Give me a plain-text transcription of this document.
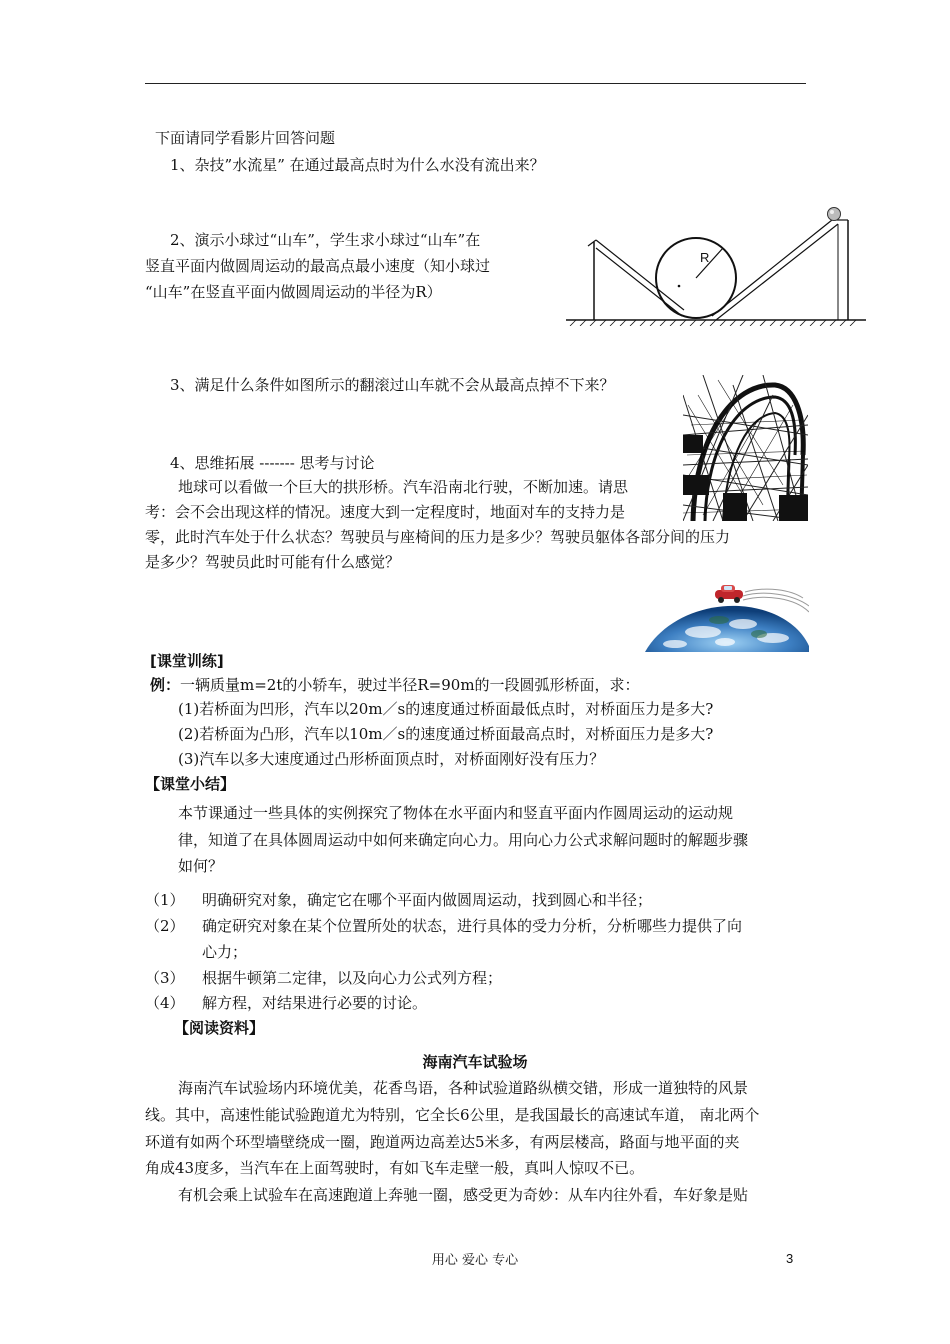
下面请同学看影片回答问题
1、杂技”水流星” 在通过最高点时为什么水没有流出来？
2、演示小球过“山车”，学生求小球过“山车”在
竖直平面内做圆周运动的最高点最小速度（知小球过
“山车”在竖直平面内做圆周运动的半径为R）
R
3、满足什么条件如图所示的翻滚过山车就不会从最高点掉不下来？
4、思维拓展 ------- 思考与讨论
地球可以看做一个巨大的拱形桥。汽车沿南北行驶，不断加速。请思
考：会不会出现这样的情况。速度大到一定程度时，地面对车的支持力是
零，此时汽车处于什么状态？驾驶员与座椅间的压力是多少？驾驶员躯体各部分间的压力
是多少？驾驶员此时可能有什么感觉？
[课堂训练]
例：一辆质量m=2t的小轿车，驶过半径R=90m的一段圆弧形桥面，求：
(1)若桥面为凹形，汽车以20m／s的速度通过桥面最低点时，对桥面压力是多大?
(2)若桥面为凸形，汽车以10m／s的速度通过桥面最高点时，对桥面压力是多大?
(3)汽车以多大速度通过凸形桥面顶点时，对桥面刚好没有压力？
【课堂小结】
本节课通过一些具体的实例探究了物体在水平面内和竖直平面内作圆周运动的运动规
律，知道了在具体圆周运动中如何来确定向心力。用向心力公式求解问题时的解题步骤
如何？
（1） 明确研究对象，确定它在哪个平面内做圆周运动，找到圆心和半径；
（2） 确定研究对象在某个位置所处的状态，进行具体的受力分析，分析哪些力提供了向
心力；
（3） 根据牛顿第二定律，以及向心力公式列方程；
（4） 解方程，对结果进行必要的讨论。
【阅读资料】
海南汽车试验场
海南汽车试验场内环境优美，花香鸟语，各种试验道路纵横交错，形成一道独特的风景
线。其中，高速性能试验跑道尤为特别，它全长6公里，是我国最长的高速试车道， 南北两个
环道有如两个环型墙壁绕成一圈，跑道两边高差达5米多，有两层楼高，路面与地平面的夹
角成43度多，当汽车在上面驾驶时，有如飞车走壁一般，真叫人惊叹不已。
有机会乘上试验车在高速跑道上奔驰一圈，感受更为奇妙：从车内往外看，车好象是贴
用心 爱心 专心	3
